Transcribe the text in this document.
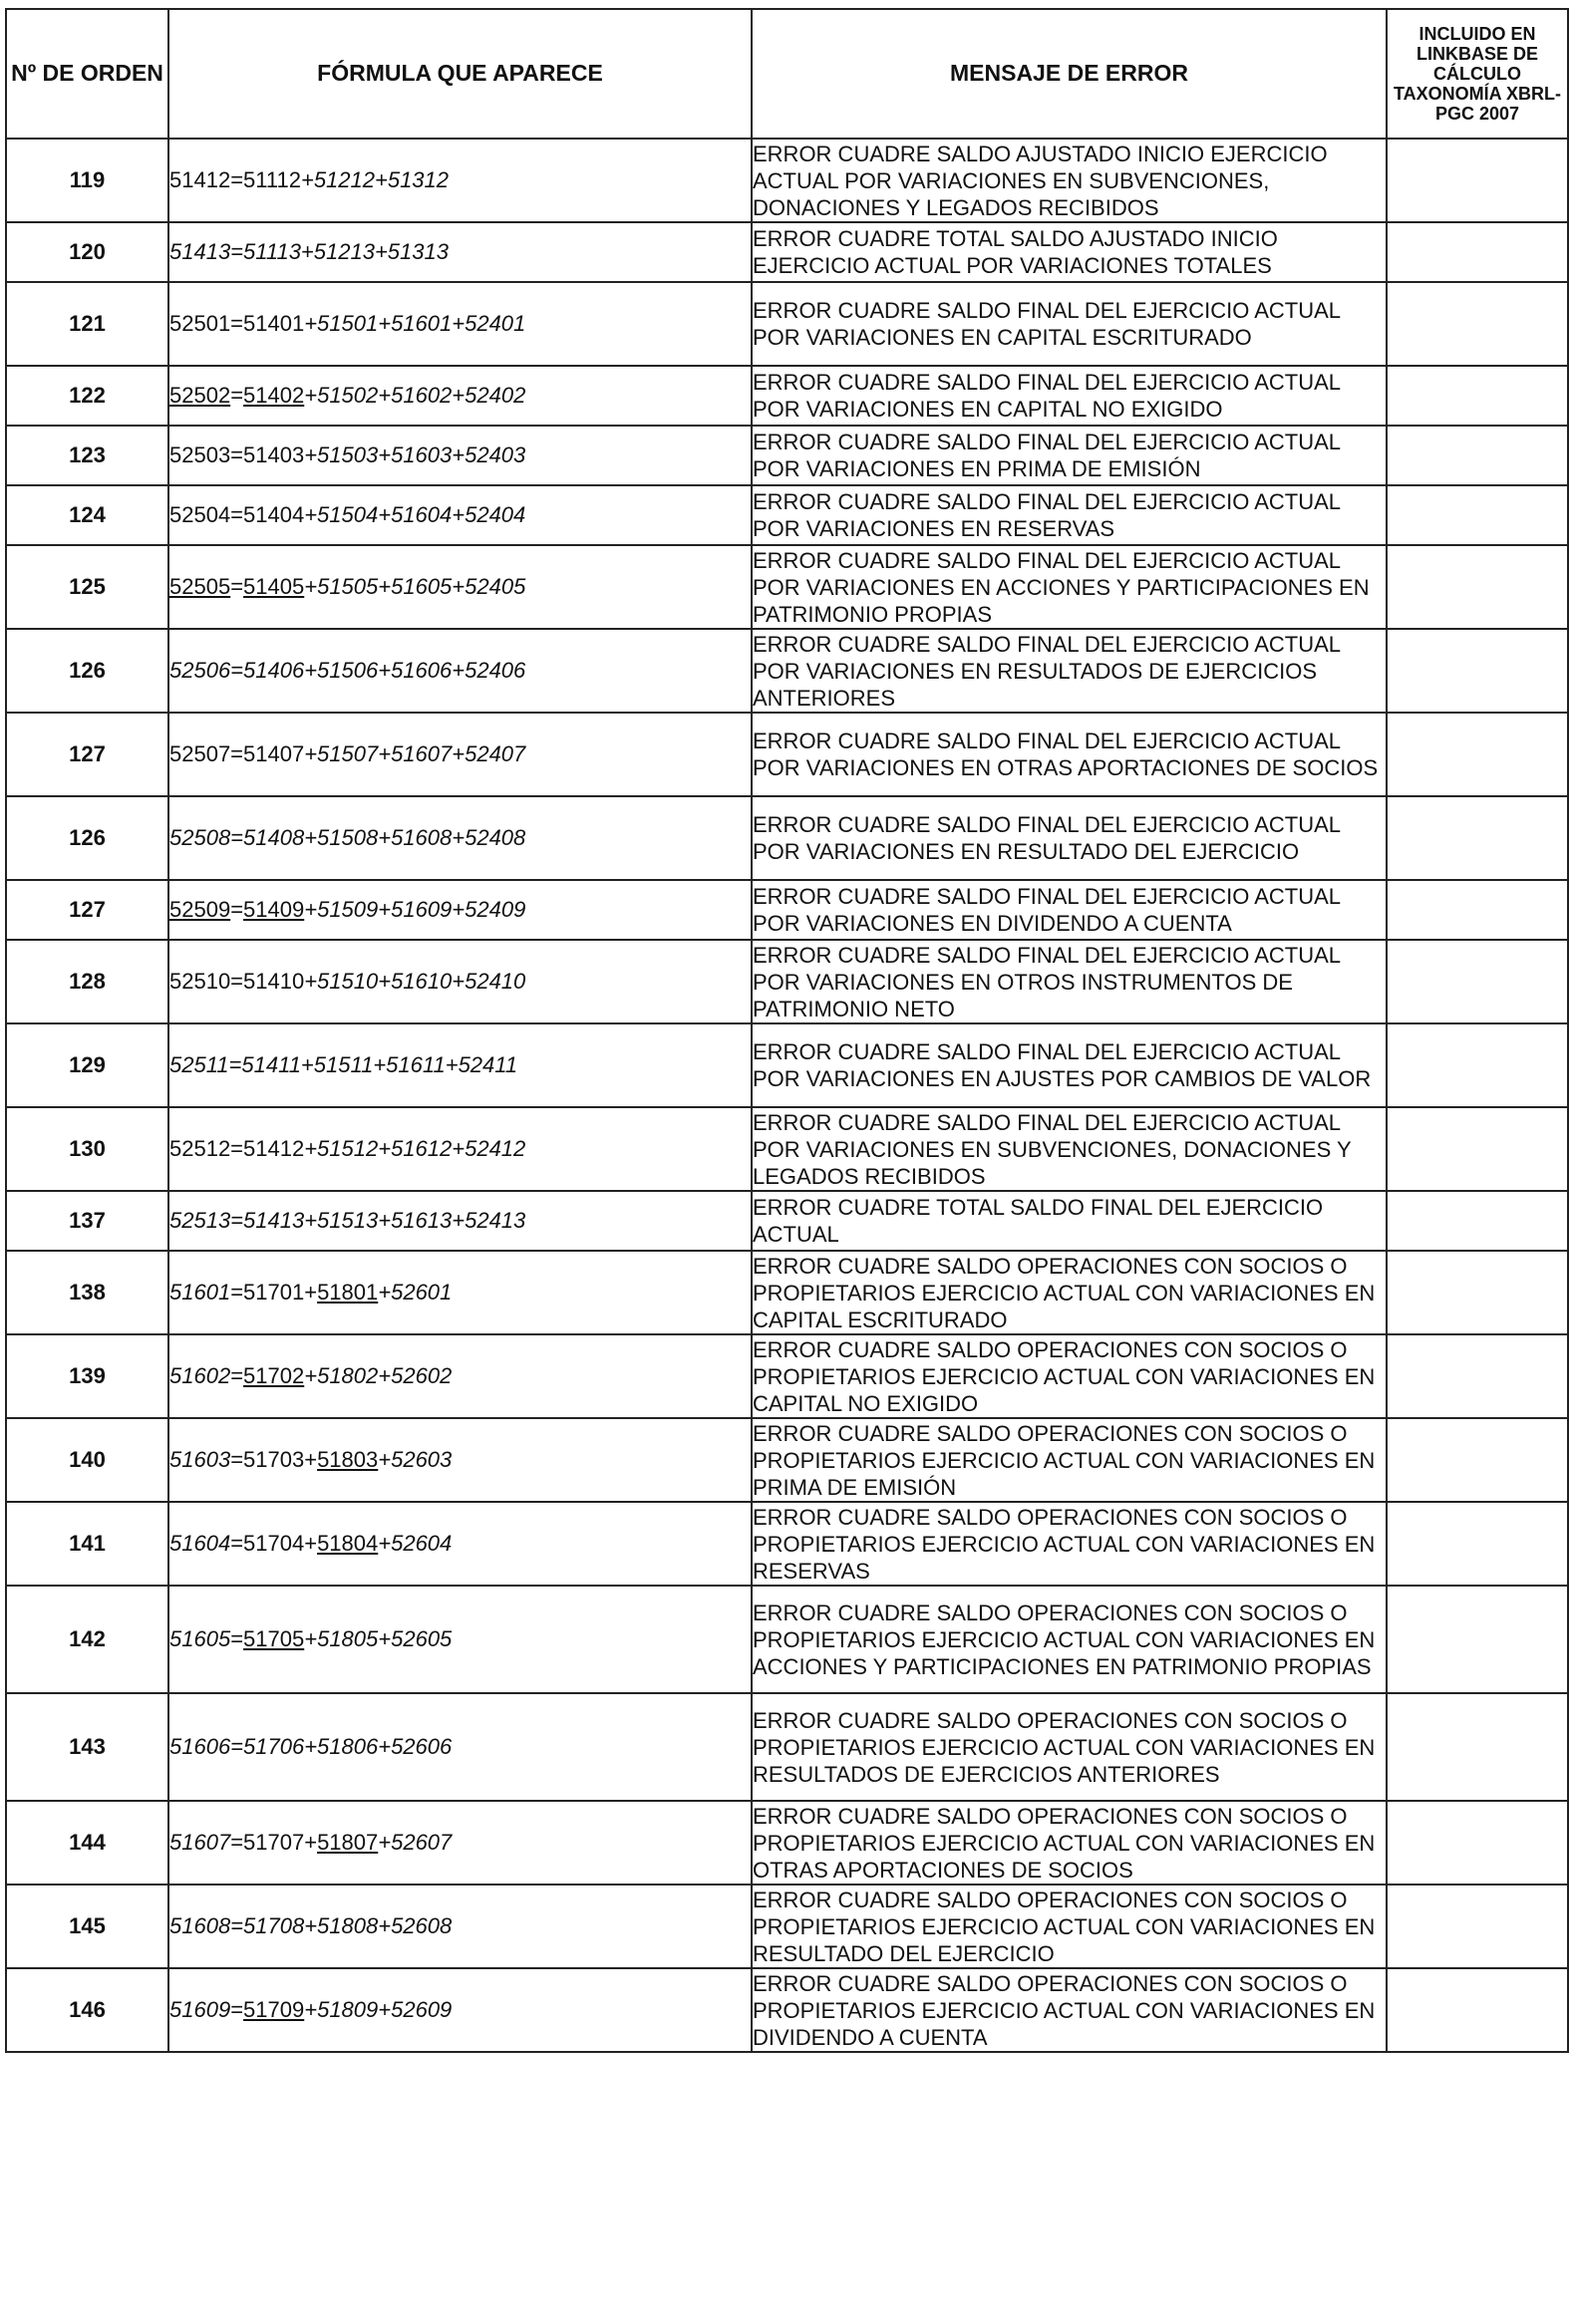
Nº DE ORDEN	FÓRMULA QUE APARECE	MENSAJE DE ERROR	INCLUIDO EN LINKBASE DE CÁLCULO TAXONOMÍA XBRL-PGC 2007
119	51412=51112+51212+51312	ERROR CUADRE SALDO AJUSTADO INICIO EJERCICIO ACTUAL POR VARIACIONES EN SUBVENCIONES, DONACIONES Y LEGADOS RECIBIDOS	
120	51413=51113+51213+51313	ERROR CUADRE TOTAL SALDO AJUSTADO INICIO EJERCICIO ACTUAL POR VARIACIONES TOTALES	
121	52501=51401+51501+51601+52401	ERROR CUADRE SALDO FINAL DEL EJERCICIO ACTUAL POR VARIACIONES EN CAPITAL ESCRITURADO	
122	52502=51402+51502+51602+52402	ERROR CUADRE SALDO FINAL DEL EJERCICIO ACTUAL POR VARIACIONES EN CAPITAL NO EXIGIDO	
123	52503=51403+51503+51603+52403	ERROR CUADRE SALDO FINAL DEL EJERCICIO ACTUAL POR VARIACIONES EN PRIMA DE EMISIÓN	
124	52504=51404+51504+51604+52404	ERROR CUADRE SALDO FINAL DEL EJERCICIO ACTUAL POR VARIACIONES EN RESERVAS	
125	52505=51405+51505+51605+52405	ERROR CUADRE SALDO FINAL DEL EJERCICIO ACTUAL POR VARIACIONES EN ACCIONES Y PARTICIPACIONES EN PATRIMONIO PROPIAS	
126	52506=51406+51506+51606+52406	ERROR CUADRE SALDO FINAL DEL EJERCICIO ACTUAL POR VARIACIONES EN RESULTADOS DE EJERCICIOS ANTERIORES	
127	52507=51407+51507+51607+52407	ERROR CUADRE SALDO FINAL DEL EJERCICIO ACTUAL POR VARIACIONES EN OTRAS APORTACIONES DE SOCIOS	
126	52508=51408+51508+51608+52408	ERROR CUADRE SALDO FINAL DEL EJERCICIO ACTUAL POR VARIACIONES EN RESULTADO DEL EJERCICIO	
127	52509=51409+51509+51609+52409	ERROR CUADRE SALDO FINAL DEL EJERCICIO ACTUAL POR VARIACIONES EN DIVIDENDO A CUENTA	
128	52510=51410+51510+51610+52410	ERROR CUADRE SALDO FINAL DEL EJERCICIO ACTUAL POR VARIACIONES EN OTROS INSTRUMENTOS DE PATRIMONIO NETO	
129	52511=51411+51511+51611+52411	ERROR CUADRE SALDO FINAL DEL EJERCICIO ACTUAL POR VARIACIONES EN AJUSTES POR CAMBIOS DE VALOR	
130	52512=51412+51512+51612+52412	ERROR CUADRE SALDO FINAL DEL EJERCICIO ACTUAL POR VARIACIONES EN SUBVENCIONES, DONACIONES Y LEGADOS RECIBIDOS	
137	52513=51413+51513+51613+52413	ERROR CUADRE TOTAL SALDO FINAL DEL EJERCICIO ACTUAL	
138	51601=51701+51801+52601	ERROR CUADRE SALDO OPERACIONES CON SOCIOS O PROPIETARIOS EJERCICIO ACTUAL CON VARIACIONES EN CAPITAL ESCRITURADO	
139	51602=51702+51802+52602	ERROR CUADRE SALDO OPERACIONES CON SOCIOS O PROPIETARIOS EJERCICIO ACTUAL CON VARIACIONES EN CAPITAL NO EXIGIDO	
140	51603=51703+51803+52603	ERROR CUADRE SALDO OPERACIONES CON SOCIOS O PROPIETARIOS EJERCICIO ACTUAL CON VARIACIONES EN PRIMA DE EMISIÓN	
141	51604=51704+51804+52604	ERROR CUADRE SALDO OPERACIONES CON SOCIOS O PROPIETARIOS EJERCICIO ACTUAL CON VARIACIONES EN RESERVAS	
142	51605=51705+51805+52605	ERROR CUADRE SALDO OPERACIONES CON SOCIOS O PROPIETARIOS EJERCICIO ACTUAL CON VARIACIONES EN ACCIONES Y PARTICIPACIONES EN PATRIMONIO PROPIAS	
143	51606=51706+51806+52606	ERROR CUADRE SALDO OPERACIONES CON SOCIOS O PROPIETARIOS EJERCICIO ACTUAL CON VARIACIONES EN RESULTADOS DE EJERCICIOS ANTERIORES	
144	51607=51707+51807+52607	ERROR CUADRE SALDO OPERACIONES CON SOCIOS O PROPIETARIOS EJERCICIO ACTUAL CON VARIACIONES EN OTRAS APORTACIONES DE SOCIOS	
145	51608=51708+51808+52608	ERROR CUADRE SALDO OPERACIONES CON SOCIOS O PROPIETARIOS EJERCICIO ACTUAL CON VARIACIONES EN RESULTADO DEL EJERCICIO	
146	51609=51709+51809+52609	ERROR CUADRE SALDO OPERACIONES CON SOCIOS O PROPIETARIOS EJERCICIO ACTUAL CON VARIACIONES EN DIVIDENDO A CUENTA	
